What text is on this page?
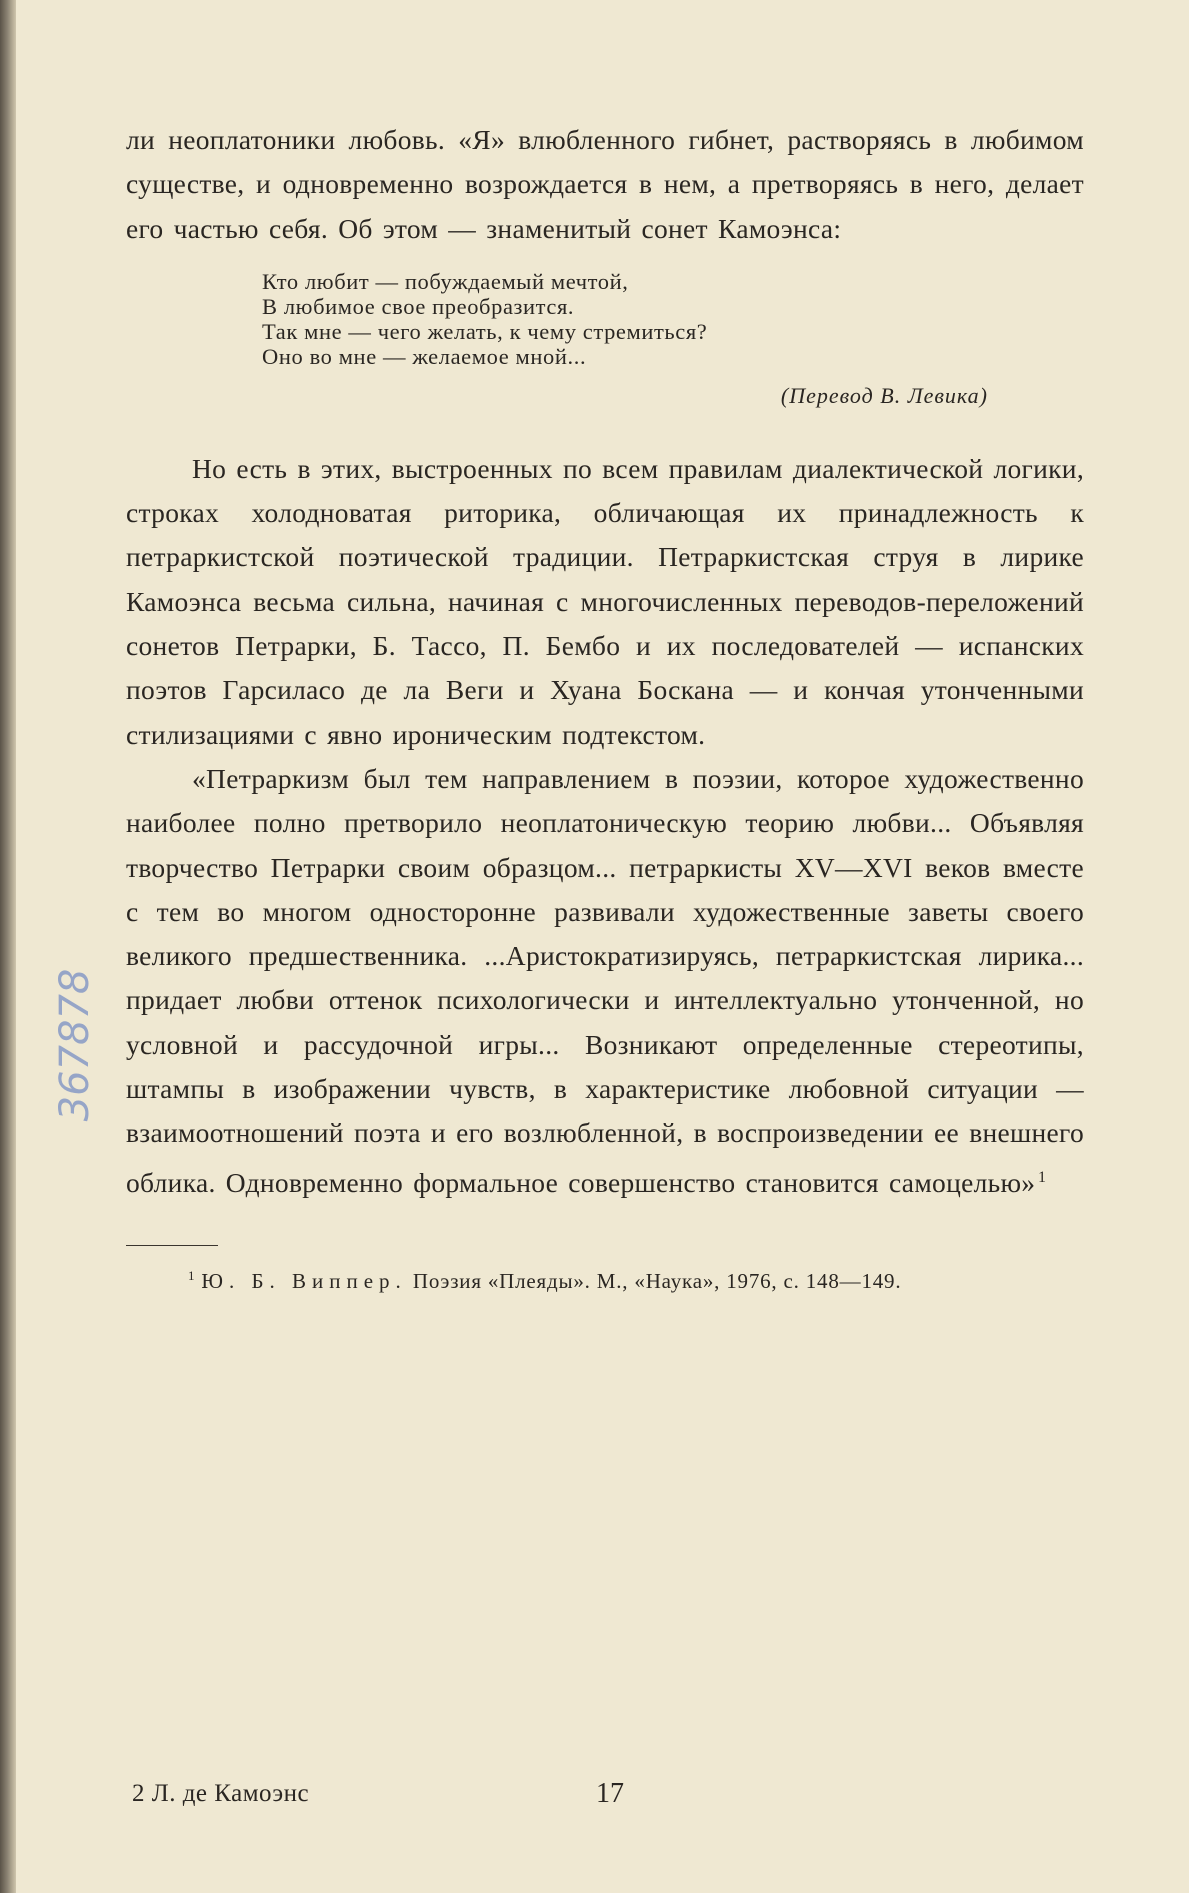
ли неоплатоники любовь. «Я» влюбленного гибнет, растворяясь в любимом существе, и одновременно возрождается в нем, а претворяясь в него, делает его частью себя. Об этом — знаменитый сонет Камоэнса:

Кто любит — побуждаемый мечтой,
В любимое свое преобразится.
Так мне — чего желать, к чему стремиться?
Оно во мне — желаемое мной...
(Перевод В. Левика)

Но есть в этих, выстроенных по всем правилам диалектической логики, строках холодноватая риторика, обличающая их принадлежность к петраркистской поэтической традиции. Петраркистская струя в лирике Камоэнса весьма сильна, начиная с многочисленных переводов-переложений сонетов Петрарки, Б. Тассо, П. Бембо и их последователей — испанских поэтов Гарсиласо де ла Веги и Хуана Боскана — и кончая утонченными стилизациями с явно ироническим подтекстом.

«Петраркизм был тем направлением в поэзии, которое художественно наиболее полно претворило неоплатоническую теорию любви... Объявляя творчество Петрарки своим образцом... петраркисты XV—XVI веков вместе с тем во многом односторонне развивали художественные заветы своего великого предшественника. ...Аристократизируясь, петраркистская лирика... придает любви оттенок психологически и интеллектуально утонченной, но условной и рассудочной игры... Возникают определенные стереотипы, штампы в изображении чувств, в характеристике любовной ситуации — взаимоотношений поэта и его возлюбленной, в воспроизведении ее внешнего облика. Одновременно формальное совершенство становится самоцелью»  $^1$

$^1$ Ю. Б. Виппер. Поэзия «Плеяды». М., «Наука», 1976, с. 148—149.

367878
2 Л. де Камоэнс	17
